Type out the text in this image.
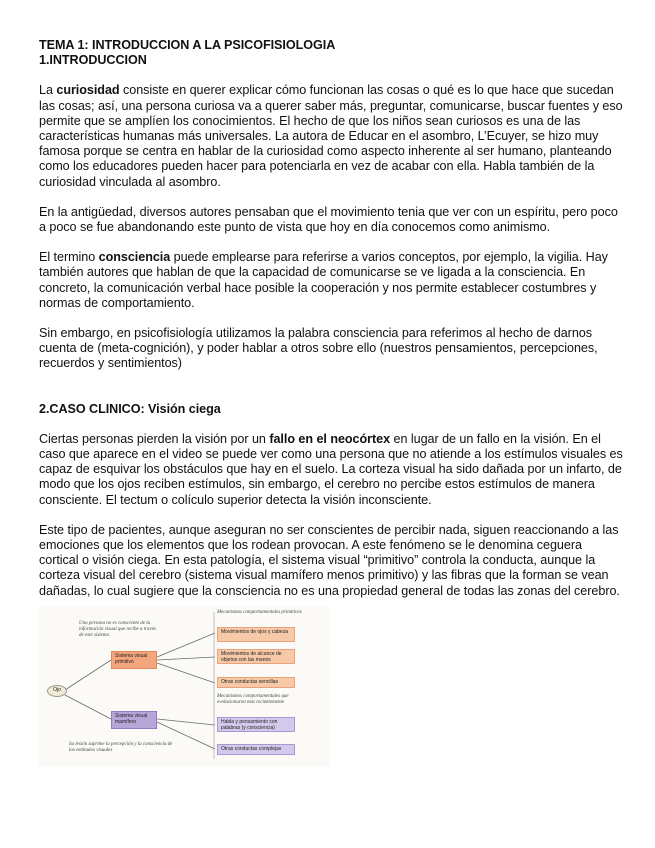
TEMA 1: INTRODUCCION A LA PSICOFISIOLOGIA

1.INTRODUCCION

La curiosidad consiste en querer explicar cómo funcionan las cosas o qué es lo que hace que sucedan las cosas; así, una persona curiosa va a querer saber más, preguntar, comunicarse, buscar fuentes y eso permite que se amplíen los conocimientos. El hecho de que los niños sean curiosos es una de las características humanas más universales. La autora de Educar en el asombro, L’Ecuyer, se hizo muy famosa porque se centra en hablar de la curiosidad como aspecto inherente al ser humano, planteando como los educadores pueden hacer para potenciarla en vez de acabar con ella. Habla también de la curiosidad vinculada al asombro.

En la antigüedad, diversos autores pensaban que el movimiento tenia que ver con un espíritu, pero poco a poco se fue abandonando este punto de vista que hoy en día conocemos como animismo.

El termino consciencia puede emplearse para referirse a varios conceptos, por ejemplo, la vigilia. Hay también autores que hablan de que la capacidad de comunicarse se ve ligada a la consciencia. En concreto, la comunicación verbal hace posible la cooperación y nos permite establecer costumbres y normas de comportamiento.

Sin embargo, en psicofisiología utilizamos la palabra consciencia para referimos al hecho de darnos cuenta de (meta-cognición), y poder hablar a otros sobre ello (nuestros pensamientos, percepciones, recuerdos y sentimientos)

2.CASO CLINICO: Visión ciega

Ciertas personas pierden la visión por un fallo en el neocórtex en lugar de un fallo en la visión. En el caso que aparece en el video se puede ver como una persona que no atiende a los estímulos visuales es capaz de esquivar los obstáculos que hay en el suelo. La corteza visual ha sido dañada por un infarto, de modo que los ojos reciben estímulos, sin embargo, el cerebro no percibe estos estímulos de manera consciente. El tectum o colículo superior detecta la visión inconsciente.

Este tipo de pacientes, aunque aseguran no ser conscientes de percibir nada, siguen reaccionando a las emociones que los elementos que los rodean provocan. A este fenómeno se le denomina ceguera cortical o visión ciega. En esta patología, el sistema visual “primitivo” controla la conducta, aunque la corteza visual del cerebro (sistema visual mamífero menos primitivo) y las fibras que la forman se vean dañadas, lo cual sugiere que la consciencia no es una propiedad general de todas las zonas del cerebro.

Una persona no es consciente de la información visual que recibe a través de este sistema
Su lesión suprime la percepción y la consciencia de los estímulos visuales
Ojo
Sistema visual primitivo
Sistema visual mamífero
Mecanismos comportamentales primitivos
Movimientos de ojos y cabeza
Movimientos de alcance de objetos con las manos
Otras conductas sencillas
Mecanismos comportamentales que evolucionaron más recientemente
Habla y pensamiento con palabras (y consciencia)
Otras conductas complejas
